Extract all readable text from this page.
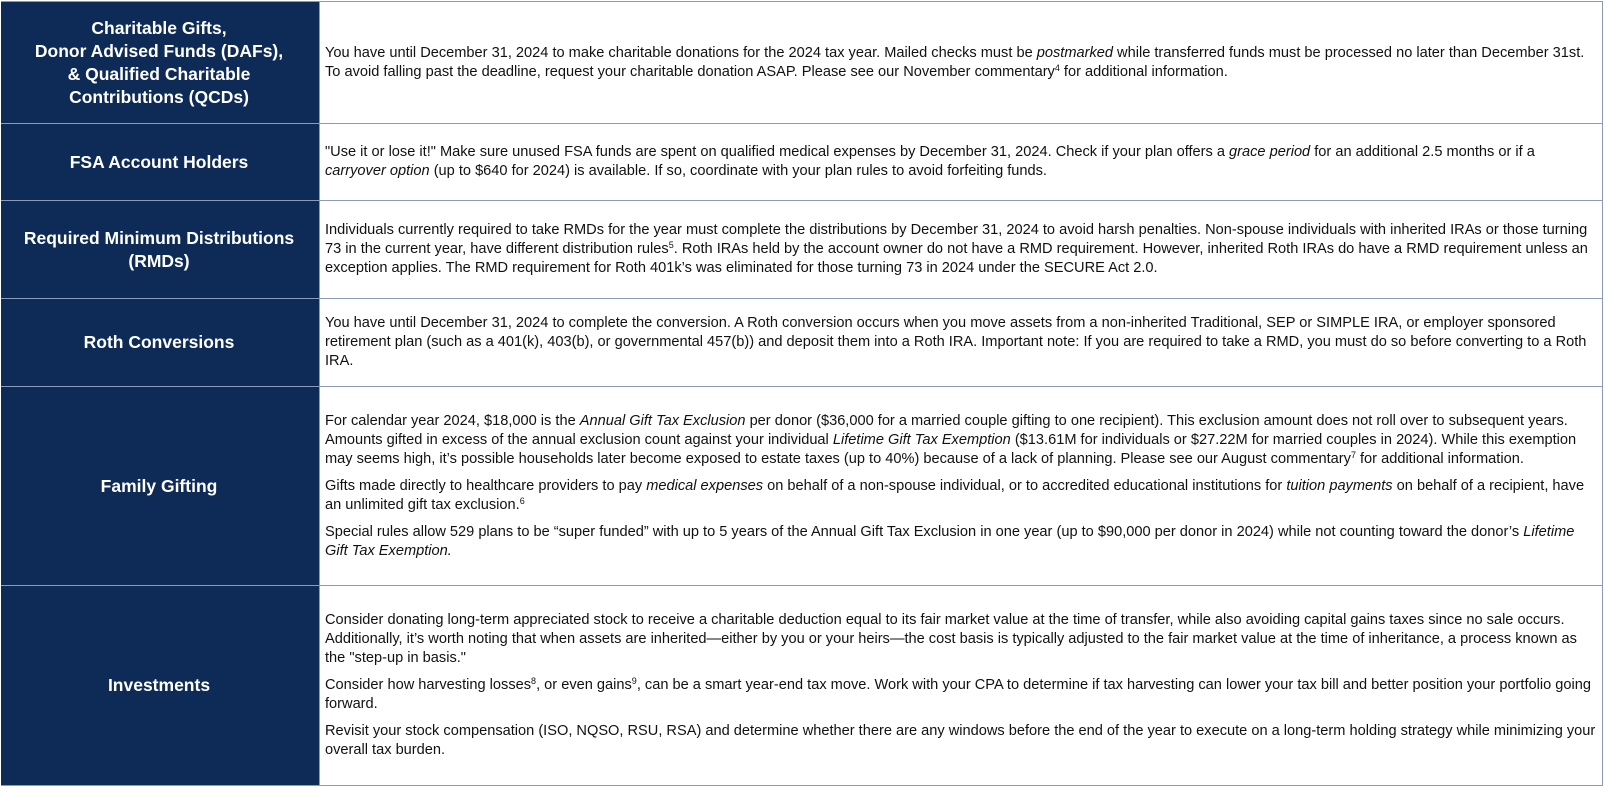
Charitable Gifts,
Donor Advised Funds (DAFs),
& Qualified Charitable
Contributions (QCDs)

You have until December 31, 2024 to make charitable donations for the 2024 tax year. Mailed checks must be postmarked while transferred funds must be processed no later than December 31st. To avoid falling past the deadline, request your charitable donation ASAP. Please see our November commentary$^4$ for additional information.

FSA Account Holders	"Use it or lose it!" Make sure unused FSA funds are spent on qualified medical expenses by December 31, 2024. Check if your plan offers a grace period for an additional 2.5 months or if a carryover option (up to $640 for 2024) is available. If so, coordinate with your plan rules to avoid forfeiting funds.

Required Minimum Distributions
(RMDs)

Individuals currently required to take RMDs for the year must complete the distributions by December 31, 2024 to avoid harsh penalties. Non-spouse individuals with inherited IRAs or those turning 73 in the current year, have different distribution rules$^5$. Roth IRAs held by the account owner do not have a RMD requirement. However, inherited Roth IRAs do have a RMD requirement unless an exception applies. The RMD requirement for Roth 401k’s was eliminated for those turning 73 in 2024 under the SECURE Act 2.0.

Roth Conversions

You have until December 31, 2024 to complete the conversion. A Roth conversion occurs when you move assets from a non-inherited Traditional, SEP or SIMPLE IRA, or employer sponsored retirement plan (such as a 401(k), 403(b), or governmental 457(b)) and deposit them into a Roth IRA. Important note: If you are required to take a RMD, you must do so before converting to a Roth IRA.

Family Gifting

For calendar year 2024, $18,000 is the Annual Gift Tax Exclusion per donor ($36,000 for a married couple gifting to one recipient). This exclusion amount does not roll over to subsequent years. Amounts gifted in excess of the annual exclusion count against your individual Lifetime Gift Tax Exemption ($13.61M for individuals or $27.22M for married couples in 2024). While this exemption may seems high, it’s possible households later become exposed to estate taxes (up to 40%) because of a lack of planning. Please see our August commentary$^7$ for additional information.

Gifts made directly to healthcare providers to pay medical expenses on behalf of a non-spouse individual, or to accredited educational institutions for tuition payments on behalf of a recipient, have an unlimited gift tax exclusion.$^6$

Special rules allow 529 plans to be “super funded” with up to 5 years of the Annual Gift Tax Exclusion in one year (up to $90,000 per donor in 2024) while not counting toward the donor’s Lifetime Gift Tax Exemption.

Investments

Consider donating long-term appreciated stock to receive a charitable deduction equal to its fair market value at the time of transfer, while also avoiding capital gains taxes since no sale occurs. Additionally, it’s worth noting that when assets are inherited—either by you or your heirs—the cost basis is typically adjusted to the fair market value at the time of inheritance, a process known as the "step-up in basis."

Consider how harvesting losses$^8$, or even gains$^9$, can be a smart year-end tax move. Work with your CPA to determine if tax harvesting can lower your tax bill and better position your portfolio going forward.

Revisit your stock compensation (ISO, NQSO, RSU, RSA) and determine whether there are any windows before the end of the year to execute on a long-term holding strategy while minimizing your overall tax burden.
